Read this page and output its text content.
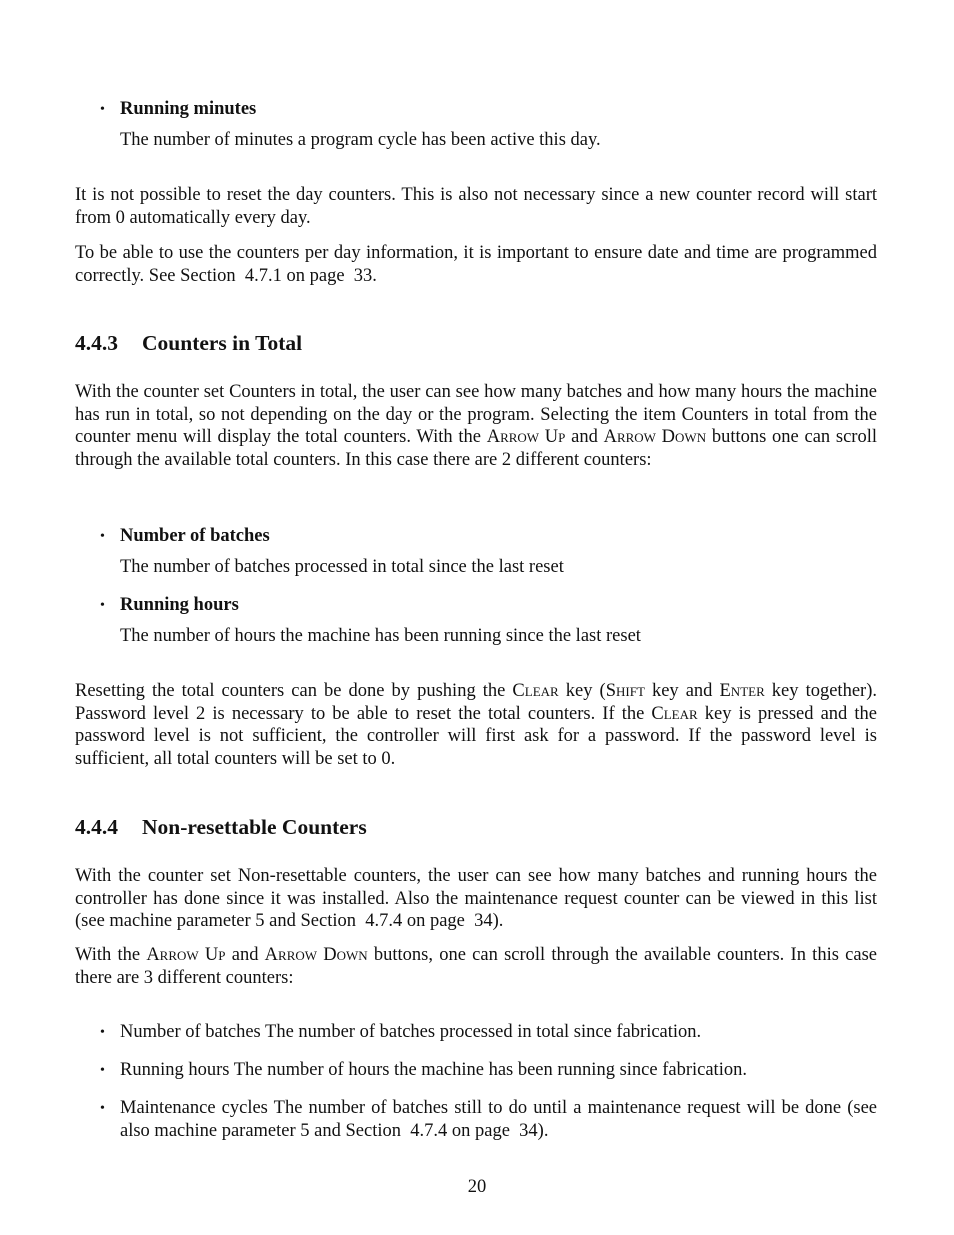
• Running minutes

The number of minutes a program cycle has been active this day.

It is not possible to reset the day counters. This is also not necessary since a new counter record will start from 0 automatically every day.

To be able to use the counters per day information, it is important to ensure date and time are programmed correctly. See Section  4.7.1 on page  33.

4.4.3 Counters in Total

With the counter set Counters in total, the user can see how many batches and how many hours the machine has run in total, so not depending on the day or the program. Selecting the item Counters in total from the counter menu will display the total counters. With the Arrow Up and Arrow Down buttons one can scroll through the available total counters. In this case there are 2 different counters:

• Number of batches

The number of batches processed in total since the last reset

• Running hours

The number of hours the machine has been running since the last reset

Resetting the total counters can be done by pushing the Clear key (Shift key and Enter key together). Password level 2 is necessary to be able to reset the total counters. If the Clear key is pressed and the password level is not sufficient, the controller will first ask for a password. If the password level is sufficient, all total counters will be set to 0.

4.4.4 Non-resettable Counters

With the counter set Non-resettable counters, the user can see how many batches and running hours the controller has done since it was installed. Also the maintenance request counter can be viewed in this list (see machine parameter 5 and Section  4.7.4 on page  34).

With the Arrow Up and Arrow Down buttons, one can scroll through the available counters. In this case there are 3 different counters:

• Number of batches The number of batches processed in total since fabrication.

• Running hours The number of hours the machine has been running since fabrication.

• Maintenance cycles The number of batches still to do until a maintenance request will be done (see also machine parameter 5 and Section  4.7.4 on page  34).

20
